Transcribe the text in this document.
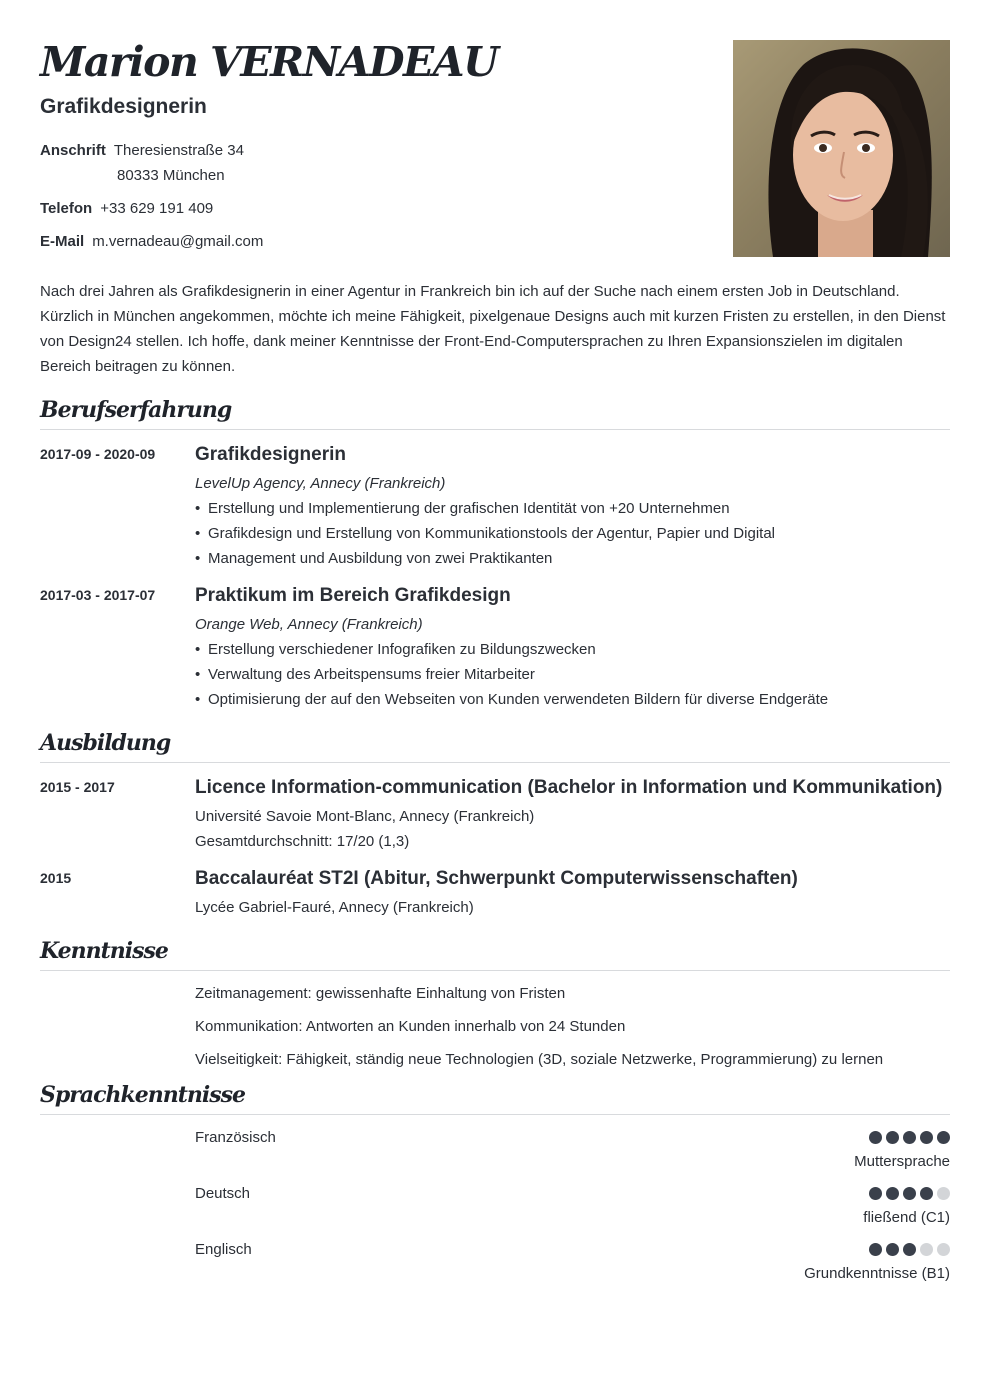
Marion VERNADEAU
Grafikdesignerin
Anschrift Theresienstraße 34
80333 München
Telefon +33 629 191 409
E-Mail m.vernadeau@gmail.com
Nach drei Jahren als Grafikdesignerin in einer Agentur in Frankreich bin ich auf der Suche nach einem ersten Job in Deutschland. Kürzlich in München angekommen, möchte ich meine Fähigkeit, pixelgenaue Designs auch mit kurzen Fristen zu erstellen, in den Dienst von Design24 stellen. Ich hoffe, dank meiner Kenntnisse der Front-End-Computersprachen zu Ihren Expansionszielen im digitalen Bereich beitragen zu können.
Berufserfahrung
2017-09 - 2020-09	Grafikdesignerin
LevelUp Agency, Annecy (Frankreich)
• Erstellung und Implementierung der grafischen Identität von +20 Unternehmen
• Grafikdesign und Erstellung von Kommunikationstools der Agentur, Papier und Digital
• Management und Ausbildung von zwei Praktikanten
2017-03 - 2017-07	Praktikum im Bereich Grafikdesign
Orange Web, Annecy (Frankreich)
• Erstellung verschiedener Infografiken zu Bildungszwecken
• Verwaltung des Arbeitspensums freier Mitarbeiter
• Optimisierung der auf den Webseiten von Kunden verwendeten Bildern für diverse Endgeräte
Ausbildung
2015 - 2017	Licence Information-communication (Bachelor in Information und Kommunikation)
Université Savoie Mont-Blanc, Annecy (Frankreich)
Gesamtdurchschnitt: 17/20 (1,3)
2015	Baccalauréat ST2I (Abitur, Schwerpunkt Computerwissenschaften)
Lycée Gabriel-Fauré, Annecy (Frankreich)
Kenntnisse
Zeitmanagement: gewissenhafte Einhaltung von Fristen
Kommunikation: Antworten an Kunden innerhalb von 24 Stunden
Vielseitigkeit: Fähigkeit, ständig neue Technologien (3D, soziale Netzwerke, Programmierung) zu lernen
Sprachkenntnisse
Französisch
Muttersprache
Deutsch
fließend (C1)
Englisch
Grundkenntnisse (B1)
